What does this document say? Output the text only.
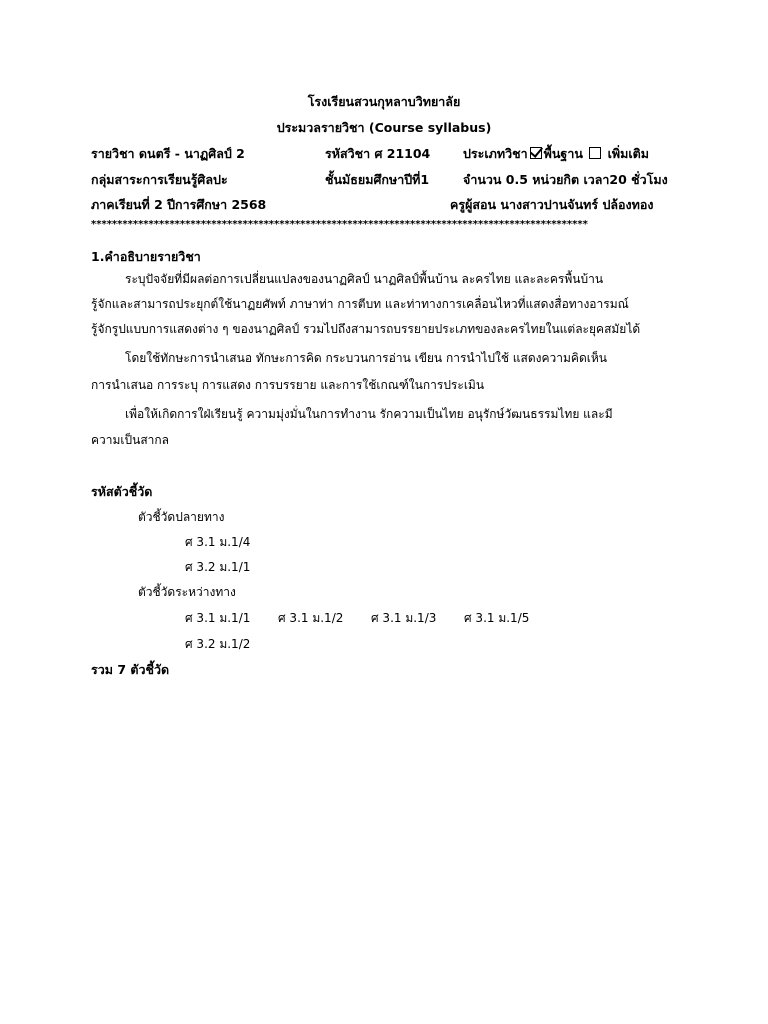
โรงเรียนสวนกุหลาบวิทยาลัย
ประมวลรายวิชา (Course syllabus)
รายวิชา ดนตรี - นาฏศิลป์ 2	รหัสวิชา ศ 21104	ประเภทวิชา พื้นฐาน เพิ่มเติม
กลุ่มสาระการเรียนรู้ศิลปะ	ชั้นมัธยมศึกษาปีที่1	จำนวน 0.5 หน่วยกิต เวลา20 ชั่วโมง
ภาคเรียนที่ 2 ปีการศึกษา 2568	ครูผู้สอน นางสาวปานจันทร์ ปล้องทอง
***********************************************************************************************
1.คำอธิบายรายวิชา
ระบุปัจจัยที่มีผลต่อการเปลี่ยนแปลงของนาฏศิลป์ นาฏศิลป์พื้นบ้าน ละครไทย และละครพื้นบ้าน
รู้จักและสามารถประยุกต์ใช้นาฏยศัพท์ ภาษาท่า การตีบท และท่าทางการเคลื่อนไหวที่แสดงสื่อทางอารมณ์
รู้จักรูปแบบการแสดงต่าง ๆ ของนาฏศิลป์ รวมไปถึงสามารถบรรยายประเภทของละครไทยในแต่ละยุคสมัยได้
โดยใช้ทักษะการนำเสนอ ทักษะการคิด กระบวนการอ่าน เขียน การนำไปใช้ แสดงความคิดเห็น
การนำเสนอ การระบุ การแสดง การบรรยาย และการใช้เกณฑ์ในการประเมิน
เพื่อให้เกิดการใฝ่เรียนรู้ ความมุ่งมั่นในการทำงาน รักความเป็นไทย อนุรักษ์วัฒนธรรมไทย และมี
ความเป็นสากล
รหัสตัวชี้วัด
ตัวชี้วัดปลายทาง
ศ 3.1 ม.1/4
ศ 3.2 ม.1/1
ตัวชี้วัดระหว่างทาง
ศ 3.1 ม.1/1 ศ 3.1 ม.1/2 ศ 3.1 ม.1/3 ศ 3.1 ม.1/5
ศ 3.2 ม.1/2
รวม 7 ตัวชี้วัด
